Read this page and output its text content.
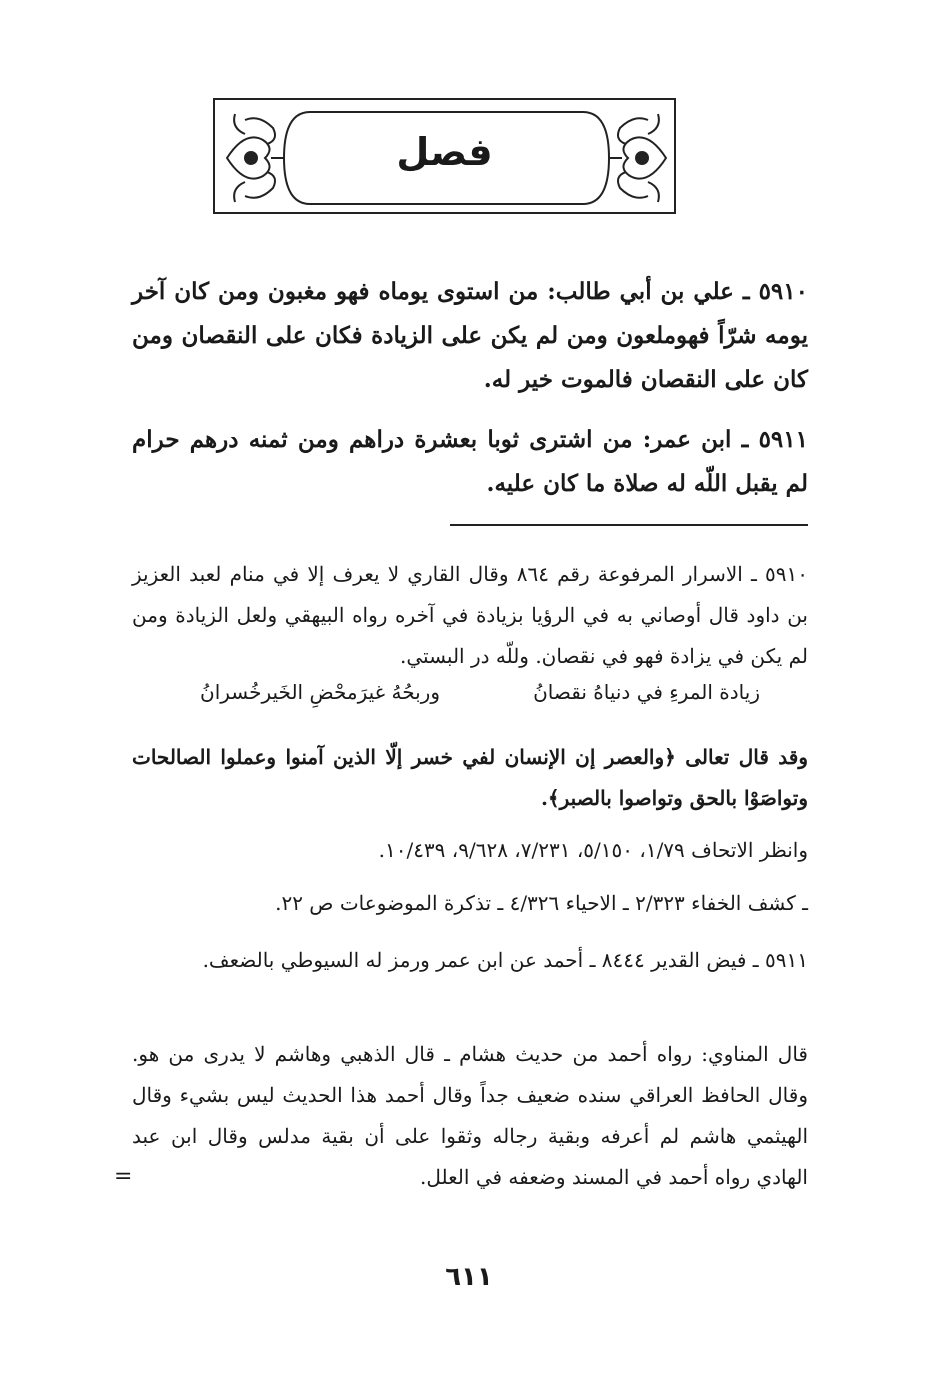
فصل
٥٩١٠ ـ علي بن أبي طالب: من استوى يوماه فهو مغبون ومن كان آخر يومه شرّاً فهوملعون ومن لم يكن على الزيادة فكان على النقصان ومن كان على النقصان فالموت خير له.
٥٩١١ ـ ابن عمر: من اشترى ثوبا بعشرة دراهم ومن ثمنه درهم حرام لم يقبل اللّه له صلاة ما كان عليه.
٥٩١٠ ـ الاسرار المرفوعة رقم ٨٦٤ وقال القاري لا يعرف إلا في منام لعبد العزيز بن داود قال أوصاني به في الرؤيا بزيادة في آخره رواه البيهقي ولعل الزيادة ومن لم يكن في يزادة فهو في نقصان. وللّه در البستي.
زيادة المرءِ في دنياهُ نقصانُ
وربحُهُ غيرَمحْضِ الخَيرخُسرانُ
وقد قال تعالى ﴿والعصر إن الإنسان لفي خسر إلّا الذين آمنوا وعملوا الصالحات وتواصَوْا بالحق وتواصوا بالصبر﴾.
وانظر الاتحاف ١/٧٩، ٥/١٥٠، ٧/٢٣١، ٩/٦٢٨، ١٠/٤٣٩.
ـ كشف الخفاء ٢/٣٢٣ ـ الاحياء ٤/٣٢٦ ـ تذكرة الموضوعات ص ٢٢.
٥٩١١ ـ فيض القدير ٨٤٤٤ ـ أحمد عن ابن عمر ورمز له السيوطي بالضعف.
قال المناوي: رواه أحمد من حديث هشام ـ قال الذهبي وهاشم لا يدرى من هو. وقال الحافظ العراقي سنده ضعيف جداً وقال أحمد هذا الحديث ليس بشيء وقال الهيثمي هاشم لم أعرفه وبقية رجاله وثقوا على أن بقية مدلس وقال ابن عبد الهادي رواه أحمد في المسند وضعفه في العلل.
=
٦١١
